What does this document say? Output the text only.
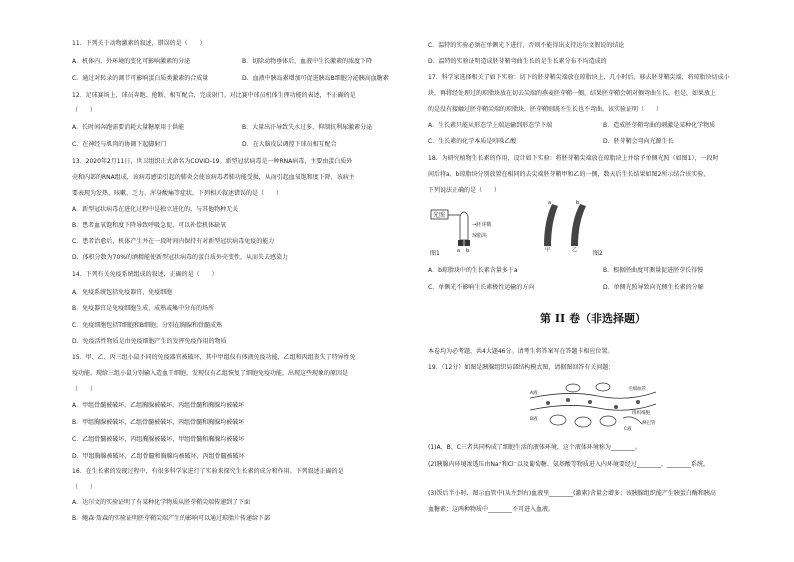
11．下列关于动物激素的叙述，错误的是（　　）
A．机体内、外环境的变化可影响激素的分泌	B．切除动物垂体后，血液中生长激素的浓度下降
C．通过对转录的调节可影响蛋白质类激素的合成量	D．血液中胰岛素增加可促进胰岛B细胞分泌胰高血糖素
12．足球赛场上，球员奔跑、抢断、相互配合，完成射门。对比赛中球员机体生理功能的表述，不正确的是
（　　）
A．长时间奔跑需要消耗大量糖原用于供能	B．大量出汗导致失水过多，抑制抗利尿激素分泌
C．在神经与肌肉的协调下起脚射门	D．在大脑皮层调控下球员相互配合
13．2020年2月11日，世卫组织正式命名为COVID-19。新型冠状病毒是一种RNA病毒，主要由蛋白质外
壳和内部的RNA组成，该病毒感染引起的肺炎会使该病毒者肺功能受损，从而引起血氧饱和度下降，该病主
要表现为发热、咳嗽、乏力、浑身酸痛等症状。下列相关叙述错误的是（　　）
A．新型冠状病毒在进化过程中是独立进化的，与其他物种无关
B．患者血氧饱和度下降导致呼吸急促，可以补偿机体缺氧
C．患者治愈后，机体产生并在一段时间内保持有对新型冠状病毒免疫的能力
D．体积分数为70%的酒精能使新型冠状病毒的蛋白质外壳变性，从而失去感染力
14．下列有关免疫系统组成的叙述，正确的是（　　）
A．免疫系统包括免疫器官、免疫细胞
B．免疫器官是免疫细胞生成、成熟或集中分布的场所
C．免疫细胞包括T细胞和B细胞，分别在胸腺和骨髓成熟
D．免疫活性物质是由免疫细胞产生的发挥免疫作用的物质
15．甲、乙、丙三组小鼠不同的免疫器官被破坏，其中甲组仅有体液免疫功能，乙组和丙组丧失了特异性免
疫功能。现给三组小鼠分别输入造血干细胞，发现仅有乙组恢复了细胞免疫功能，出现这些现象的原因是
（　　）
A．甲组骨髓被破坏，乙组胸腺被破坏，丙组骨髓和胸腺均被破坏
B．甲组胸腺被破坏，乙组骨髓被破坏，丙组骨髓和胸腺均被破坏
C．乙组骨髓被破坏，丙组胸腺被破坏，甲组骨髓和胸腺均被破坏
D．甲组胸腺被破坏，乙组骨髓和胸腺均被破坏，丙组骨髓被破坏
16．在生长素的发现过程中，有很多科学家进行了实验来探究生长素的成分和作用。下列叙述正确的是
（　　）
A．达尔文的实验证明了有某种化学物质从胚芽鞘尖端传递到了下面
B．鲍森·詹森的实验证明胚芽鞘尖端产生的影响可以通过琼脂片传递给下部
C．温特的实验必须在单侧光下进行，否则不能得出支持达尔文假说的结论
D．温特的实验证明造成胚芽鞘弯曲生长的是生长素分布不均造成的
17．科学家选择相关了如下实验：切下的胚芽鞘尖端放在琼脂块上，几小时后，移去胚芽鞘尖端，将琼脂块切成小
块，再将经处理过的琼脂块放在切去尖端的燕麦胚芽鞘一侧，结果胚芽鞘会朝对侧弯曲生长。但是，如果放上
的是没有接触过胚芽鞘尖端的琼脂块，胚芽鞘则既不生长也不弯曲。该实验证明（　　）
A．生长素只能从形态学上端运输到形态学下端	B．造成胚芽鞘弯曲的刺激是某种化学物质
C．生长素的化学本质是吲哚乙酸	D．胚芽鞘会弯向光源生长
18．为研究植物生长素的作用，设计如下实验：将胚芽鞘尖端放在琼脂块上并给予单侧光照（如图1），一段时
间后将a、b琼脂块分别放置在相同的去尖端胚芽鞘甲和乙的一侧，数天后生长结果如图2所示结合该实验，
下列说法正确的是（　　）
光照
→胚芽鞘
琼脂块
a b
图1
a	b
甲	乙	图2
A．b琼脂块中的生长素含量多于a	B．根据胚曲度可测量促进胚芽长得慢
C．单侧光不影响生长素极性运输的方向	D．单侧光照导致向光侧生长素的分解
第 II 卷（非选择题）
本卷均为必考题，共4大题46分。请考生将答案写在答题卡相应位置。
19．（12分）如图是胰腺组织局部结构模式图，请据图回答有关问题：
A液
B液
C液
毛细血管
组织细胞
淋巴管
(1)A、B、C三者共同构成了细胞生活的液体环境，这个液体环境称为________。
(2)胰腺内环境渗透压由Na⁺和Cl⁻以及葡萄糖、氨基酸等物质进入内环境要经过________、________系统。
(3)饭后半小时，图示血管中(从左到右)血液里________(激素)含量会增多；该胰腺组织能产生胰蛋白酶和胰高
血糖素；这两种物质中________不可进入血液。
